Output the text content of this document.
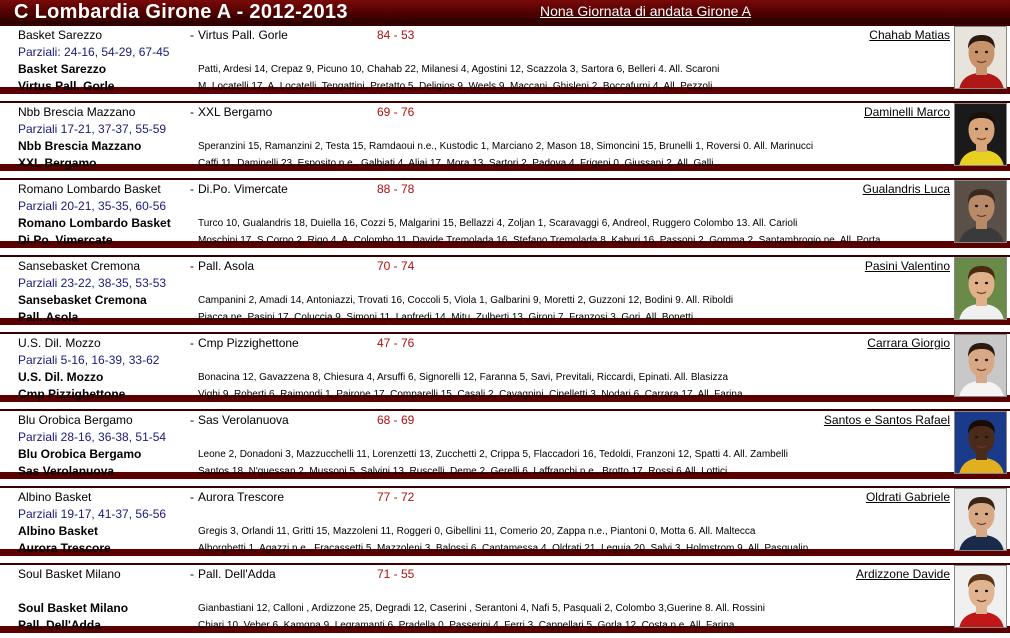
C Lombardia Girone A - 2012-2013	Nona Giornata di andata Girone A
Basket Sarezzo	- Virtus Pall. Gorle	84 - 53	Chahab Matias
Parziali: 24-16, 54-29, 67-45
Basket Sarezzo	Patti, Ardesi 14, Crepaz 9, Picuno 10, Chahab 22, Milanesi 4, Agostini 12, Scazzola 3, Sartora 6, Belleri 4. All. Scaroni
Virtus Pall. Gorle	M. Locatelli 17, A. Locatelli, Tengattini, Pretatto 5, Deligios 9, Weels 9, Maccani, Ghisleni 2, Boccafurni 4. All. Pezzoli
Nbb Brescia Mazzano	- XXL Bergamo	69 - 76	Daminelli Marco
Parziali 17-21, 37-37, 55-59
Nbb Brescia Mazzano	Speranzini 15, Ramanzini 2, Testa 15, Ramdaoui n.e., Kustodic 1, Marciano 2, Mason 18, Simoncini 15, Brunelli 1, Roversi 0. All. Marinucci
XXL Bergamo	Caffi 11, Daminelli 23, Esposito n.e., Galbiati 4, Aliaj 17, Mora 13, Sartori 2, Padova 4, Frigeni 0, Giussani 2. All. Galli
Romano Lombardo Basket - Di.Po. Vimercate	88 - 78	Gualandris Luca
Parziali 20-21, 35-35, 60-56
Romano Lombardo Basket	Turco 10, Gualandris 18, Duiella 16, Cozzi 5, Malgarini 15, Bellazzi 4, Zoljan 1, Scaravaggi 6, Andreol, Ruggero Colombo 13. All. Carioli
Di.Po. Vimercate	Moschini 17, S.Corno 2, Rigo 4, A. Colombo 11, Davide Tremolada 16, Stefano Tremolada 8, Kaburi 16, Passoni 2, Gomma 2, Santambrogio ne. All. Porta
Sansebasket Cremona	- Pall. Asola	70 - 74	Pasini Valentino
Parziali 23-22, 38-35, 53-53
Sansebasket Cremona	Campanini 2, Amadi 14, Antoniazzi, Trovati 16, Coccoli 5, Viola 1, Galbarini 9, Moretti 2, Guzzoni 12, Bodini 9. All. Riboldi
Pall. Asola	Piacca ne, Pasini 17, Coluccia 9, Simoni 11, Lanfredi 14, Mitu, Zulberti 13 ,Gironi 7, Franzosi 3, Gori. All. Bonetti
U.S. Dil. Mozzo	- Cmp Pizzighettone	47 - 76	Carrara Giorgio
Parziali 5-16, 16-39, 33-62
U.S. Dil. Mozzo	Bonacina 12, Gavazzena 8, Chiesura 4, Arsuffi 6, Signorelli 12, Faranna 5, Savi, Previtali, Riccardi, Epinati. All. Blasizza
Cmp Pizzighettone	Vighi 9, Roberti 6, Raimondi 1, Pairone 17, Comparelli 15, Casali 2, Cavagnini, Cipelletti 3, Nodari 6, Carrara 17. All. Farina
Blu Orobica Bergamo	- Sas Verolanuova	68 - 69	Santos e Santos Rafael
Parziali 28-16, 36-38, 51-54
Blu Orobica Bergamo	Leone 2, Donadoni 3, Mazzucchelli 11, Lorenzetti 13, Zucchetti 2, Crippa 5, Flaccadori 16, Tedoldi, Franzoni 12, Spatti 4. All. Zambelli
Sas Verolanuova	Santos 18, N'guessan 2, Mussoni 5, Salvini 13, Ruscelli, Deme 2, Gerelli 6, Laffranchi n.e., Brotto 17, Rossi 6.All. Lottici
Albino Basket	- Aurora Trescore	77 - 72	Oldrati Gabriele
Parziali 19-17, 41-37, 56-56
Albino Basket	Gregis 3, Orlandi 11, Gritti 15, Mazzoleni 11, Roggeri 0, Gibellini 11, Comerio 20, Zappa n.e., Piantoni 0, Motta 6. All. Maltecca
Aurora Trescore	Alborghetti 1, Agazzi n.e., Fracassetti 5, Mazzoleni 3, Balossi 6, Cantamessa 4, Oldrati 21, Leguia 20, Salvi 3, Holmstrom 9. All. Pasqualin
Soul Basket Milano	- Pall. Dell'Adda	71 - 55	Ardizzone Davide
Soul Basket Milano	Gianbastiani 12, Calloni , Ardizzone 25, Degradi 12, Caserini , Serantoni 4, Nafi 5, Pasquali 2, Colombo 3,Guerine 8. All. Rossini
Pall. Dell'Adda	Chiari 10, Veber 6, Kamgna 9, Legramanti 6, Pradella 0, Passerini 4, Ferri 3, Cappellari 5, Gorla 12, Costa n.e. All. Farina
